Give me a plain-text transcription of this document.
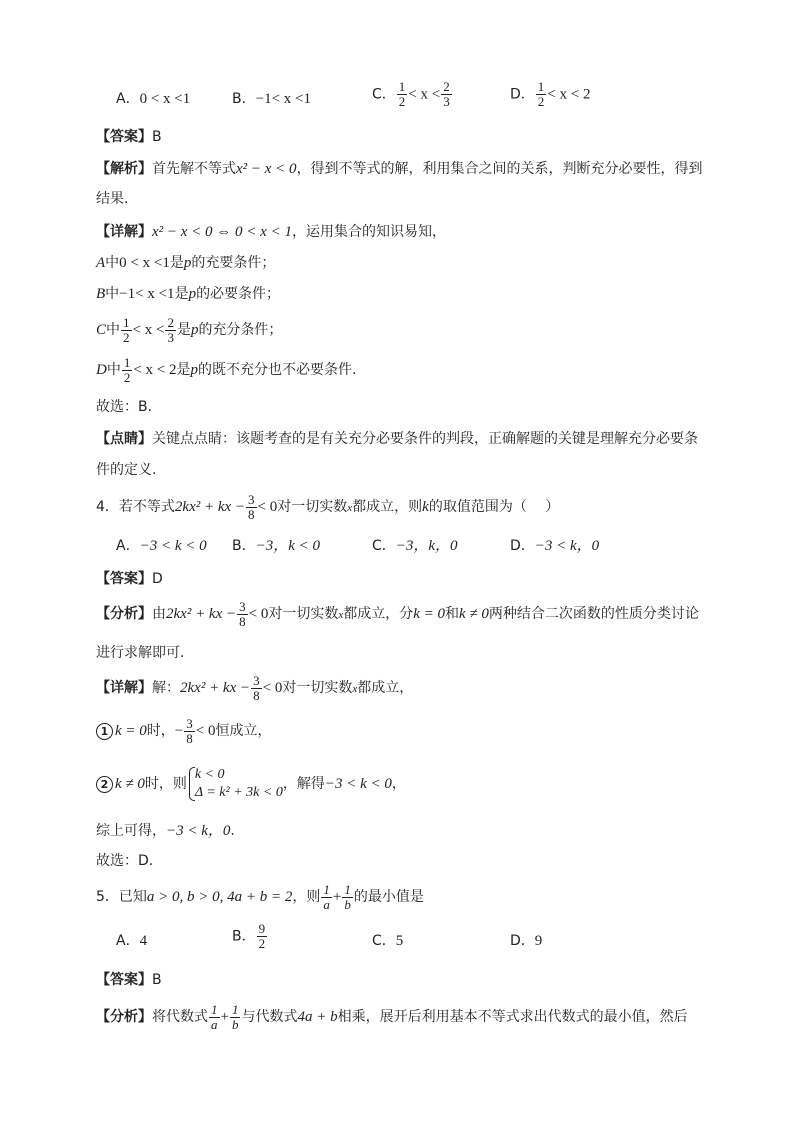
A．0 < x <1	B．−1< x <1	C． $\frac{1}{2} < x < \frac{2}{3}$	D． $\frac{1}{2} < x < 2$
【答案】B
【解析】首先解不等式x² − x < 0，得到不等式的解，利用集合之间的关系，判断充分必要性，得到
结果.
【详解】x² − x < 0 ⇔ 0 < x < 1，运用集合的知识易知，
A中0 < x <1是p的充要条件；
B中−1< x <1是p的必要条件；
C中 $\frac{1}{2} < x < \frac{2}{3}$ 是p的充分条件；
D中 $\frac{1}{2} < x < 2$是p的既不充分也不必要条件.
故选：B.
【点睛】关键点点睛：该题考查的是有关充分必要条件的判段，正确解题的关键是理解充分必要条
件的定义.
4．若不等式2kx² + kx − $\frac{3}{8} < 0$对一切实数x都成立，则k的取值范围为（　 ）
A．−3 < k < 0 B．−3，k < 0	C．−3，k，0	D．−3 < k，0
【答案】D
【分析】由2kx² + kx − $\frac{3}{8} < 0$对一切实数x都成立，分k = 0和k ≠ 0两种结合二次函数的性质分类讨论
进行求解即可.
【详解】解：2kx² + kx − $\frac{3}{8} < 0$对一切实数x都成立，
1 k = 0时，− $\frac{3}{8} < 0$恒成立，
2 k ≠ 0时，则
k < 0
Δ = k² + 3k < 0
，解得−3 < k < 0，
综上可得，−3 < k，0.
故选：D.
5．已知a > 0, b > 0, 4a + b = 2，则 $\frac{1}{a} + \frac{1}{b}$ 的最小值是
A．4	B． $\frac{9}{2}$	C．5	D．9
【答案】B
【分析】将代数式 $\frac{1}{a} + \frac{1}{b}$ 与代数式4a + b相乘，展开后利用基本不等式求出代数式的最小值，然后
